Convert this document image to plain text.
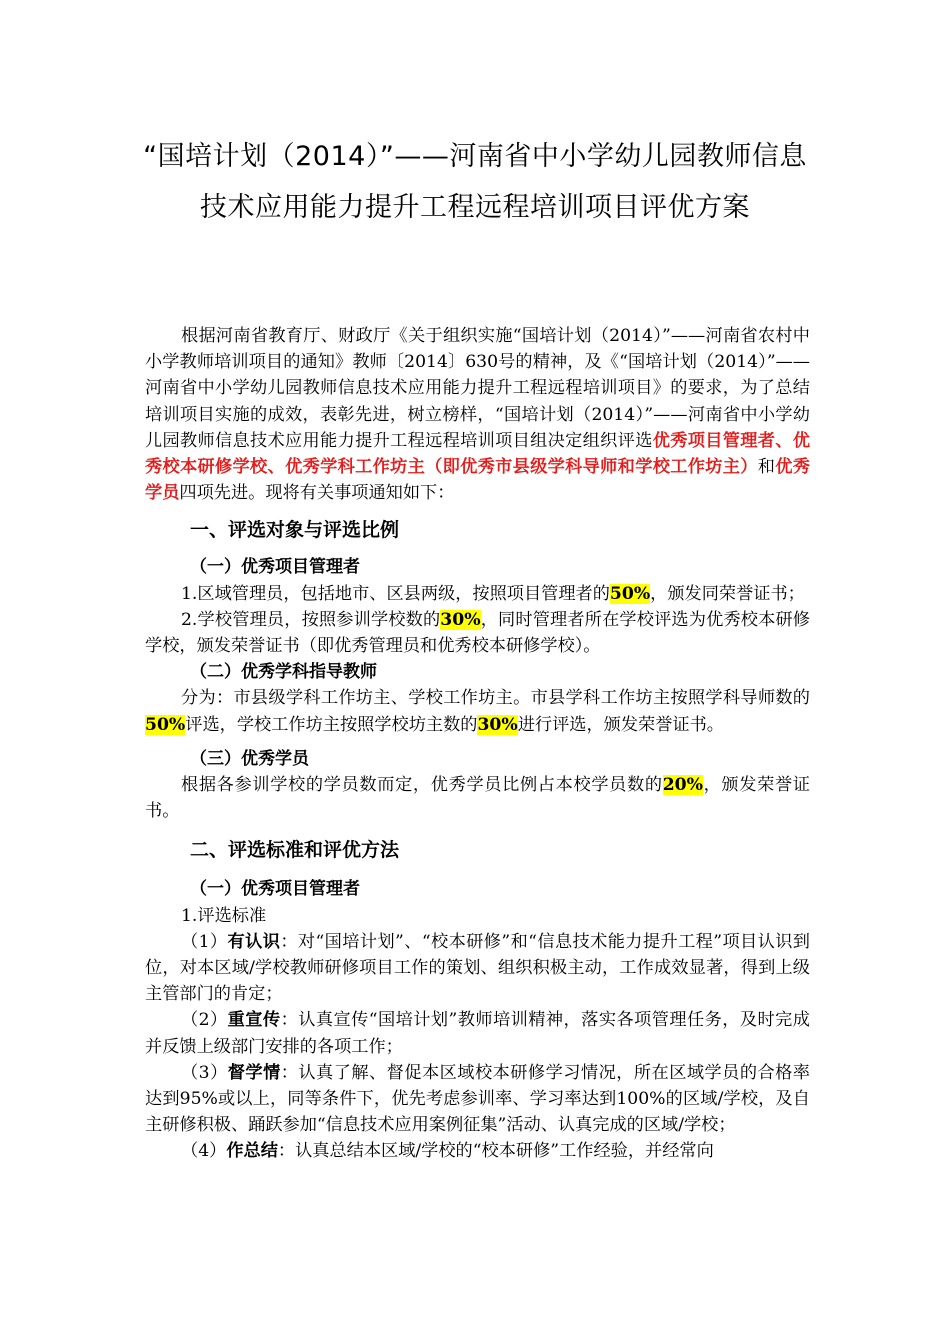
“国培计划（2014）”——河南省中小学幼儿园教师信息
技术应用能力提升工程远程培训项目评优方案

根据河南省教育厅、财政厅《关于组织实施“国培计划（2014）”——河南省农村中小学教师培训项目的通知》教师〔2014〕630号的精神，及《“国培计划（2014）”——河南省中小学幼儿园教师信息技术应用能力提升工程远程培训项目》的要求，为了总结培训项目实施的成效，表彰先进，树立榜样，“国培计划（2014）”——河南省中小学幼儿园教师信息技术应用能力提升工程远程培训项目组决定组织评选优秀项目管理者、优秀校本研修学校、优秀学科工作坊主（即优秀市县级学科导师和学校工作坊主）和优秀学员四项先进。现将有关事项通知如下：

一、评选对象与评选比例

（一）优秀项目管理者

1.区域管理员，包括地市、区县两级，按照项目管理者的50%，颁发同荣誉证书；

2.学校管理员，按照参训学校数的30%，同时管理者所在学校评选为优秀校本研修学校，颁发荣誉证书（即优秀管理员和优秀校本研修学校）。

（二）优秀学科指导教师

分为：市县级学科工作坊主、学校工作坊主。市县学科工作坊主按照学科导师数的50%评选，学校工作坊主按照学校坊主数的30%进行评选，颁发荣誉证书。

（三）优秀学员

根据各参训学校的学员数而定，优秀学员比例占本校学员数的20%，颁发荣誉证书。

二、评选标准和评优方法

（一）优秀项目管理者

1.评选标准

（1）有认识：对“国培计划”、“校本研修”和“信息技术能力提升工程”项目认识到位，对本区域/学校教师研修项目工作的策划、组织积极主动，工作成效显著，得到上级主管部门的肯定；

（2）重宣传：认真宣传“国培计划”教师培训精神，落实各项管理任务，及时完成并反馈上级部门安排的各项工作；

（3）督学情：认真了解、督促本区域校本研修学习情况，所在区域学员的合格率达到95%或以上，同等条件下，优先考虑参训率、学习率达到100%的区域/学校，及自主研修积极、踊跃参加“信息技术应用案例征集”活动、认真完成的区域/学校；

（4）作总结：认真总结本区域/学校的“校本研修”工作经验，并经常向
